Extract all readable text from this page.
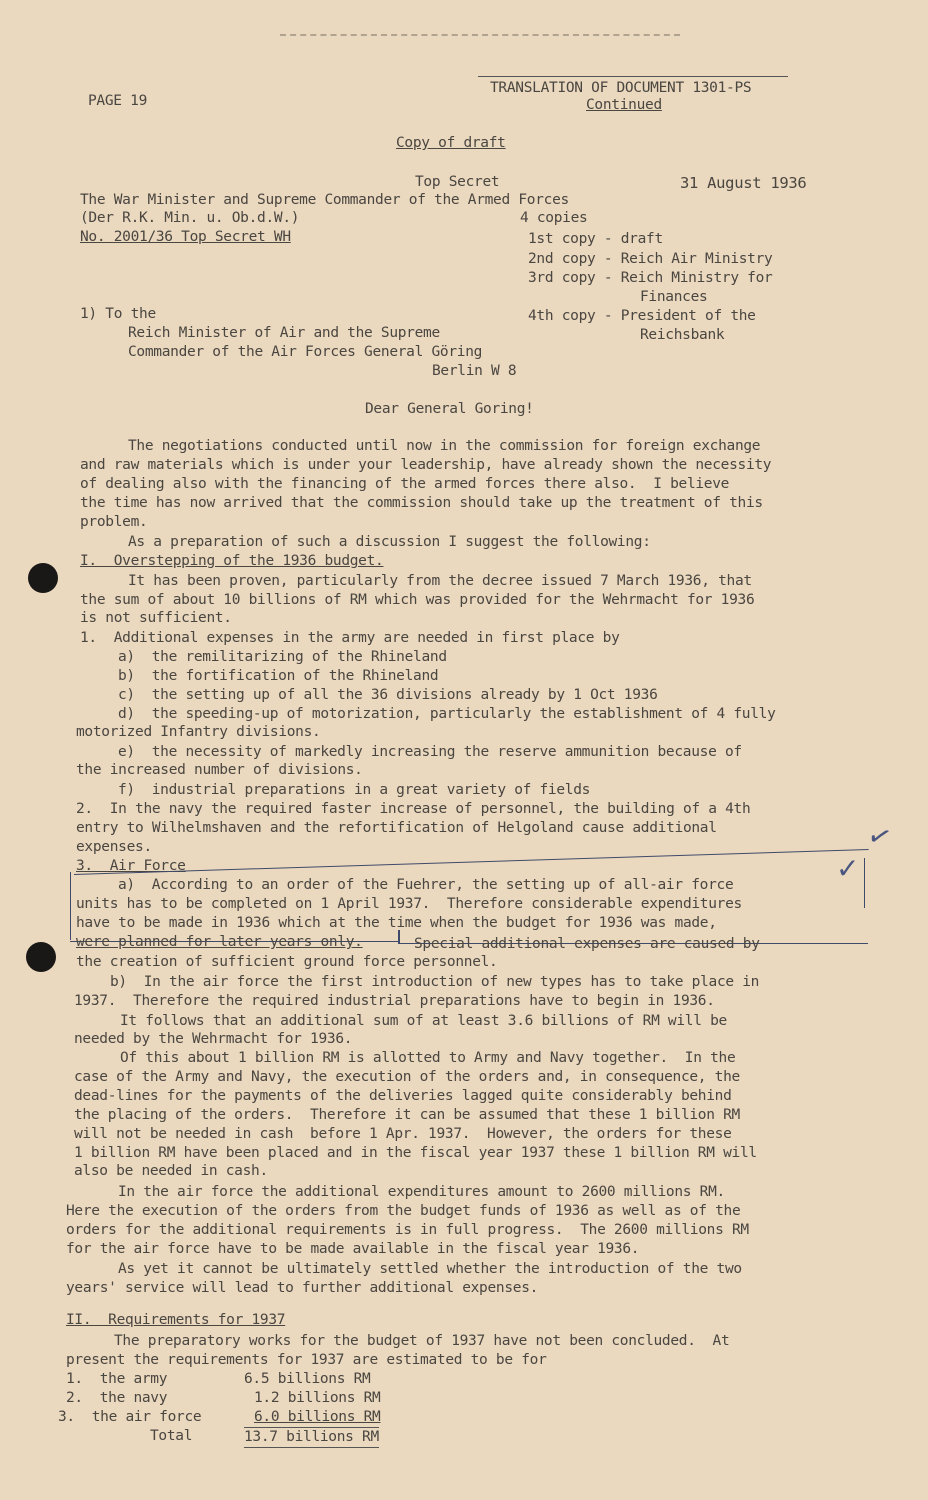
PAGE 19
TRANSLATION OF DOCUMENT 1301-PS
Continued
Copy of draft
Top Secret	31 August 1936
The War Minister and Supreme Commander of the Armed Forces
(Der R.K. Min. u. Ob.d.W.)
No. 2001/36 Top Secret WH
4 copies
1st copy - draft
2nd copy - Reich Air Ministry
3rd copy - Reich Ministry for
Finances
4th copy - President of the
Reichsbank
1) To the
Reich Minister of Air and the Supreme
Commander of the Air Forces General Göring
Berlin W 8
Dear General Goring!
The negotiations conducted until now in the commission for foreign exchange
and raw materials which is under your leadership, have already shown the necessity
of dealing also with the financing of the armed forces there also.  I believe
the time has now arrived that the commission should take up the treatment of this
problem.
As a preparation of such a discussion I suggest the following:
I.  Overstepping of the 1936 budget.
It has been proven, particularly from the decree issued 7 March 1936, that
the sum of about 10 billions of RM which was provided for the Wehrmacht for 1936
is not sufficient.
1.  Additional expenses in the army are needed in first place by
a)  the remilitarizing of the Rhineland
b)  the fortification of the Rhineland
c)  the setting up of all the 36 divisions already by 1 Oct 1936
d)  the speeding-up of motorization, particularly the establishment of 4 fully
motorized Infantry divisions.
e)  the necessity of markedly increasing the reserve ammunition because of
the increased number of divisions.
f)  industrial preparations in a great variety of fields
2.  In the navy the required faster increase of personnel, the building of a 4th
entry to Wilhelmshaven and the refortification of Helgoland cause additional
expenses.
3.  Air Force
✓
✓
a)  According to an order of the Fuehrer, the setting up of all-air force
units has to be completed on 1 April 1937.  Therefore considerable expenditures
have to be made in 1936 which at the time when the budget for 1936 was made,
were planned for later years only.	Special additional expenses are caused by
the creation of sufficient ground force personnel.
b)  In the air force the first introduction of new types has to take place in
1937.  Therefore the required industrial preparations have to begin in 1936.
It follows that an additional sum of at least 3.6 billions of RM will be
needed by the Wehrmacht for 1936.
Of this about 1 billion RM is allotted to Army and Navy together.  In the
case of the Army and Navy, the execution of the orders and, in consequence, the
dead-lines for the payments of the deliveries lagged quite considerably behind
the placing of the orders.  Therefore it can be assumed that these 1 billion RM
will not be needed in cash  before 1 Apr. 1937.  However, the orders for these
1 billion RM have been placed and in the fiscal year 1937 these 1 billion RM will
also be needed in cash.
In the air force the additional expenditures amount to 2600 millions RM.
Here the execution of the orders from the budget funds of 1936 as well as of the
orders for the additional requirements is in full progress.  The 2600 millions RM
for the air force have to be made available in the fiscal year 1936.
As yet it cannot be ultimately settled whether the introduction of the two
years' service will lead to further additional expenses.
II.  Requirements for 1937
The preparatory works for the budget of 1937 have not been concluded.  At
present the requirements for 1937 are estimated to be for
1.  the army	6.5 billions RM
2.  the navy	1.2 billions RM
3.  the air force	6.0 billions RM
Total	13.7 billions RM
